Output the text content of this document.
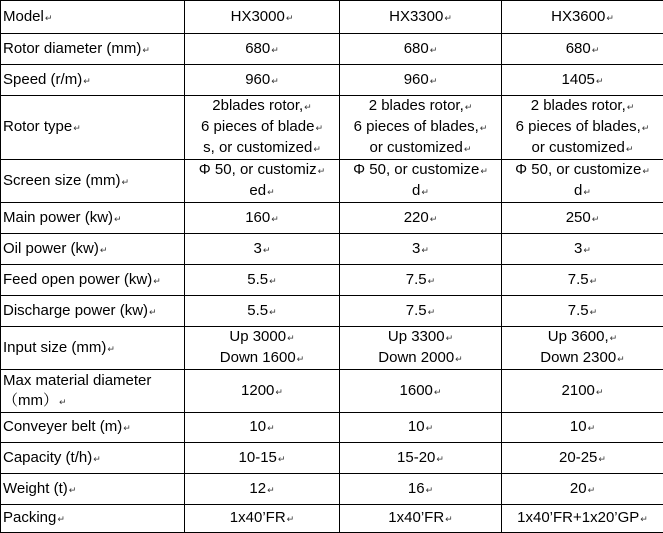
Model↵	HX3000↵	HX3300↵	HX3600↵

Rotor diameter (mm)↵	680↵	680↵	680↵

Speed (r/m)↵	960↵	960↵	1405↵

Rotor type↵	2blades rotor,↵
6 pieces of blade↵
s, or customized↵	2 blades rotor,↵
6 pieces of blades,↵
or customized↵	2 blades rotor,↵
6 pieces of blades,↵
or customized↵

Screen size (mm)↵	Φ 50, or customiz↵
ed↵	Φ 50, or customize↵
d↵	Φ 50, or customize↵
d↵

Main power (kw)↵	160↵	220↵	250↵

Oil power (kw)↵	3↵	3↵	3↵

Feed open power (kw)↵	5.5↵	7.5↵	7.5↵

Discharge power (kw)↵	5.5↵	7.5↵	7.5↵

Input size (mm)↵	Up 3000↵
Down 1600↵	Up 3300↵
Down 2000↵	Up 3600,↵
Down 2300↵

Max material diameter
（mm）↵	1200↵	1600↵	2100↵

Conveyer belt (m)↵	10↵	10↵	10↵

Capacity (t/h)↵	10-15↵	15-20↵	20-25↵

Weight (t)↵	12↵	16↵	20↵

Packing↵	1x40’FR↵	1x40’FR↵	1x40’FR+1x20’GP↵
